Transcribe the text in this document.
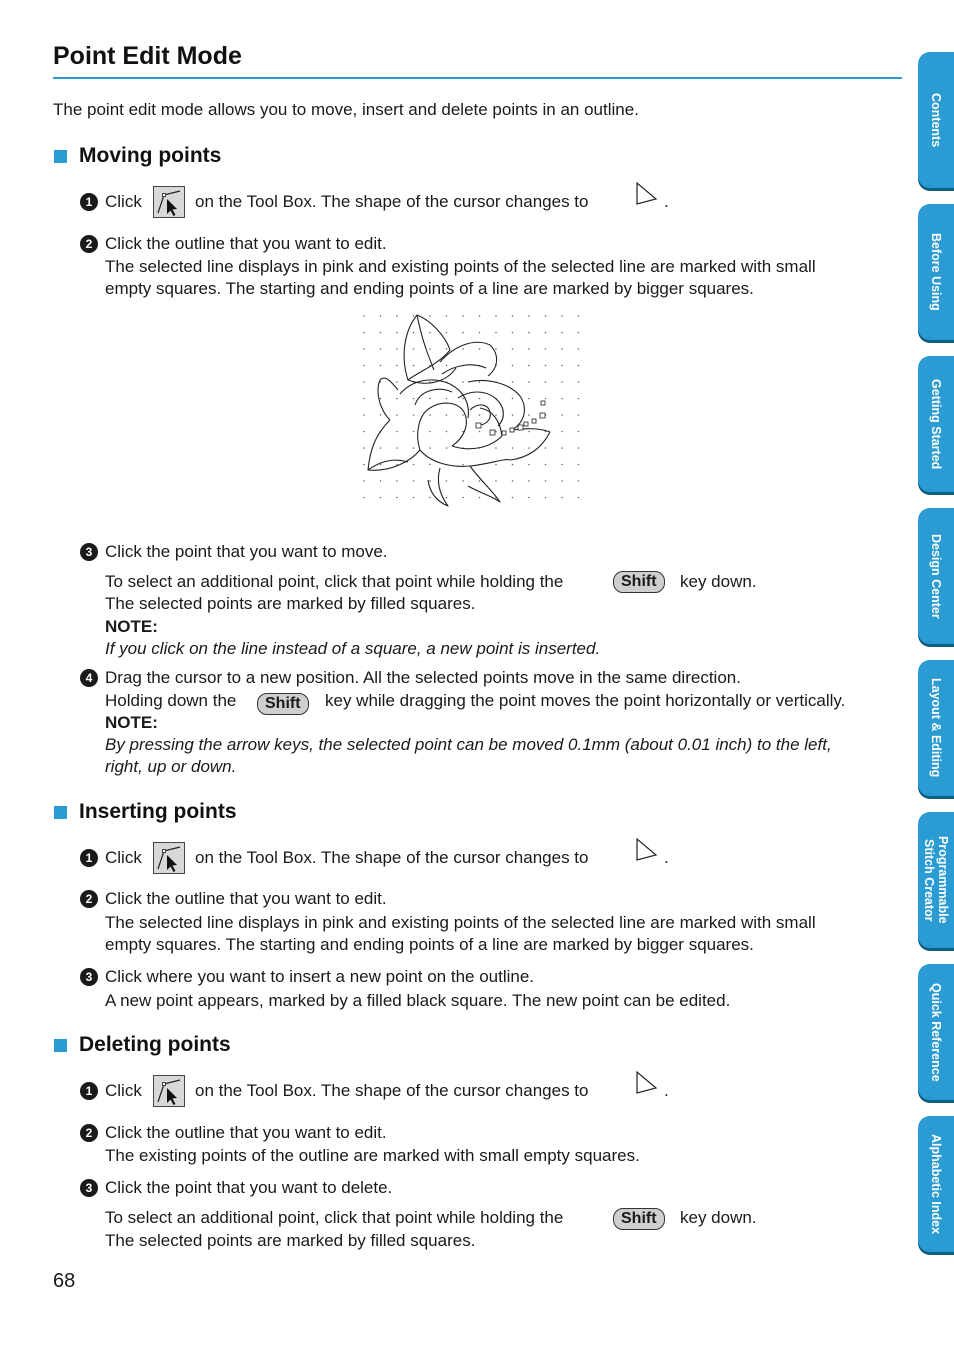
Point Edit Mode
The point edit mode allows you to move, insert and delete points in an outline.
Moving points
1 Click	on the Tool Box. The shape of the cursor changes to	.
2 Click the outline that you want to edit.
The selected line displays in pink and existing points of the selected line are marked with small
empty squares. The starting and ending points of a line are marked by bigger squares.
3 Click the point that you want to move.
To select an additional point, click that point while holding the	Shift	key down.
The selected points are marked by filled squares.
NOTE:
If you click on the line instead of a square, a new point is inserted.
4 Drag the cursor to a new position. All the selected points move in the same direction.
Holding down the	Shift	key while dragging the point moves the point horizontally or vertically.
NOTE:
By pressing the arrow keys, the selected point can be moved 0.1mm (about 0.01 inch) to the left,
right, up or down.
Inserting points
1 Click	on the Tool Box. The shape of the cursor changes to	.
2 Click the outline that you want to edit.
The selected line displays in pink and existing points of the selected line are marked with small
empty squares. The starting and ending points of a line are marked by bigger squares.
3 Click where you want to insert a new point on the outline.
A new point appears, marked by a filled black square. The new point can be edited.
Deleting points
1 Click	on the Tool Box. The shape of the cursor changes to	.
2 Click the outline that you want to edit.
The existing points of the outline are marked with small empty squares.
3 Click the point that you want to delete.
To select an additional point, click that point while holding the	Shift	key down.
The selected points are marked by filled squares.
68
Contents
Before Using
Getting Started
Design Center
Layout & Editing
Programmable
Stitch Creator
Quick Reference
Alphabetic Index
